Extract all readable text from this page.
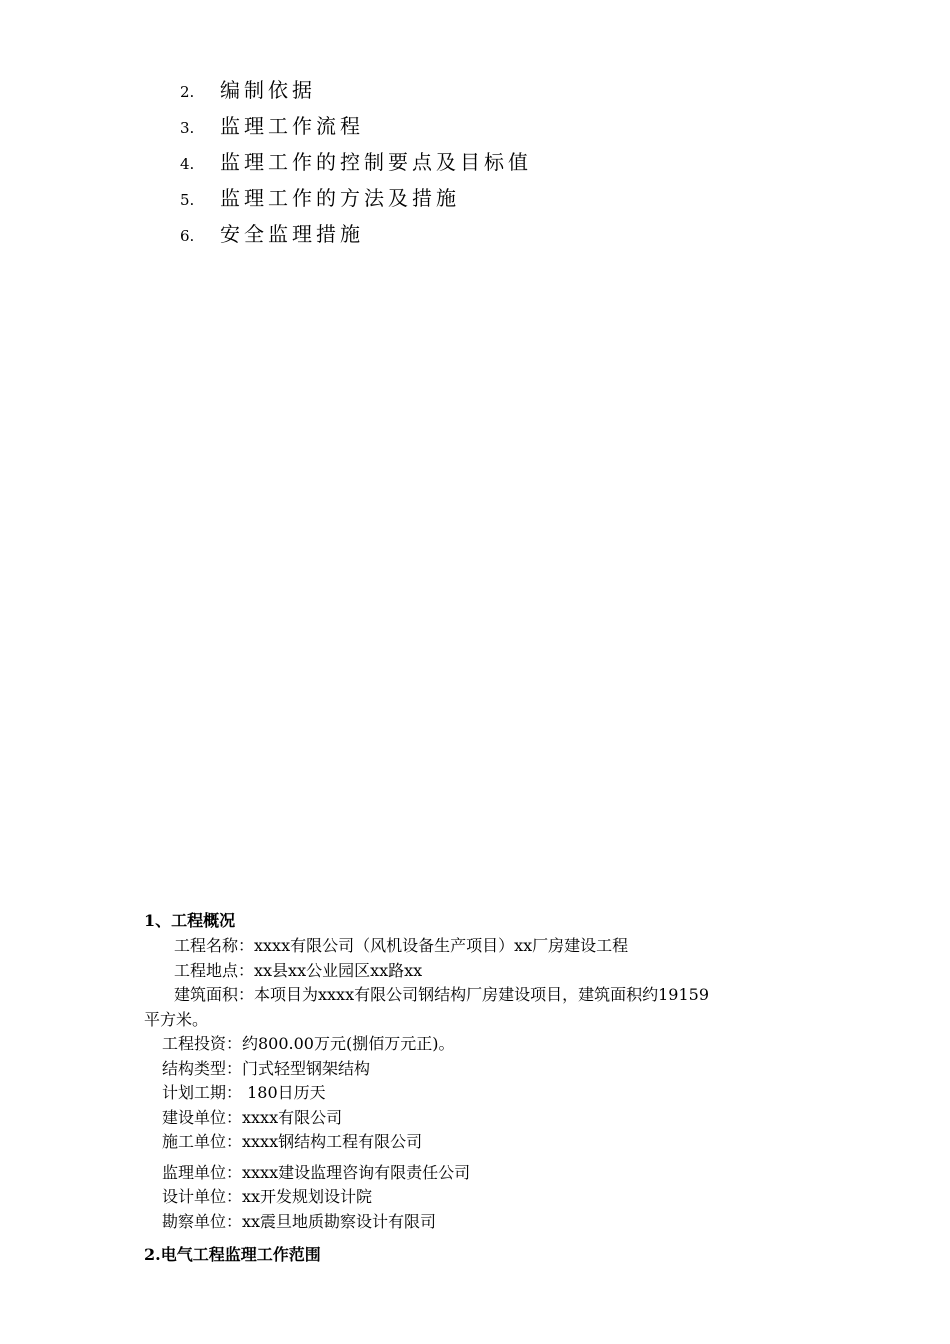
2. 编制依据
3. 监理工作流程
4. 监理工作的控制要点及目标值
5. 监理工作的方法及措施
6. 安全监理措施
1、工程概况
工程名称：xxxx有限公司（风机设备生产项目）xx厂房建设工程
工程地点：xx县xx公业园区xx路xx
建筑面积：本项目为xxxx有限公司钢结构厂房建设项目，建筑面积约19159
平方米。
工程投资：约800.00万元(捌佰万元正)。
结构类型：门式轻型钢架结构
计划工期： 180日历天
建设单位：xxxx有限公司
施工单位：xxxx钢结构工程有限公司
监理单位：xxxx建设监理咨询有限责任公司
设计单位：xx开发规划设计院
勘察单位：xx震旦地质勘察设计有限司
2.电气工程监理工作范围
